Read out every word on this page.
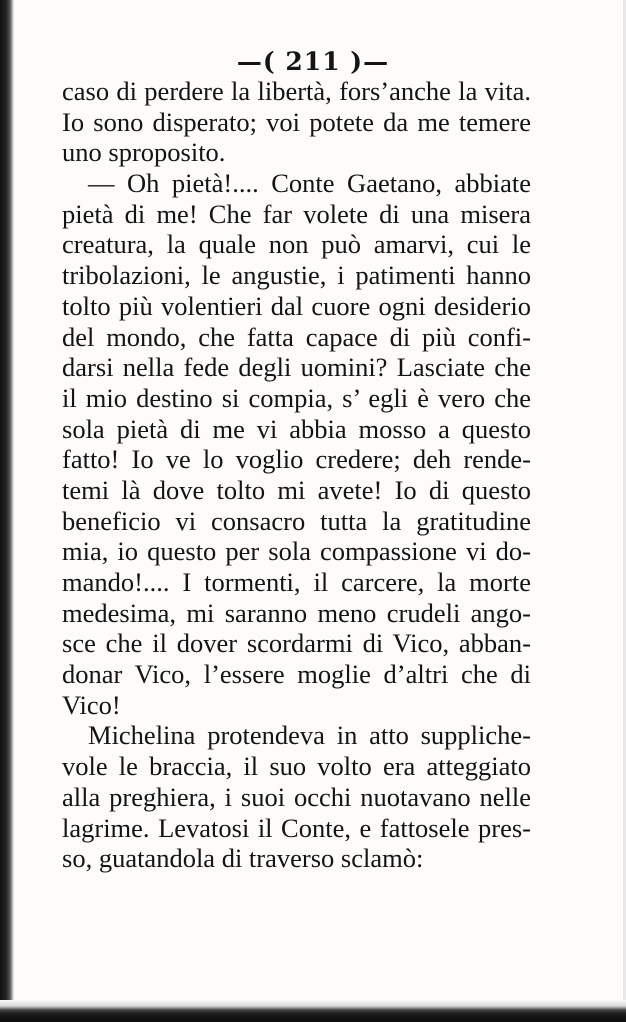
—( 211 )—
caso di perdere la libertà, fors’anche la vita.
Io sono disperato; voi potete da me temere
uno sproposito.
— Oh pietà!.... Conte Gaetano, abbiate
pietà di me! Che far volete di una misera
creatura, la quale non può amarvi, cui le
tribolazioni, le angustie, i patimenti hanno
tolto più volentieri dal cuore ogni desiderio
del mondo, che fatta capace di più confi-
darsi nella fede degli uomini? Lasciate che
il mio destino si compia, s’ egli è vero che
sola pietà di me vi abbia mosso a questo
fatto! Io ve lo voglio credere; deh rende-
temi là dove tolto mi avete! Io di questo
beneficio vi consacro tutta la gratitudine
mia, io questo per sola compassione vi do-
mando!.... I tormenti, il carcere, la morte
medesima, mi saranno meno crudeli ango-
sce che il dover scordarmi di Vico, abban-
donar Vico, l’essere moglie d’altri che di
Vico!
Michelina protendeva in atto suppliche-
vole le braccia, il suo volto era atteggiato
alla preghiera, i suoi occhi nuotavano nelle
lagrime. Levatosi il Conte, e fattosele pres-
so, guatandola di traverso sclamò:
